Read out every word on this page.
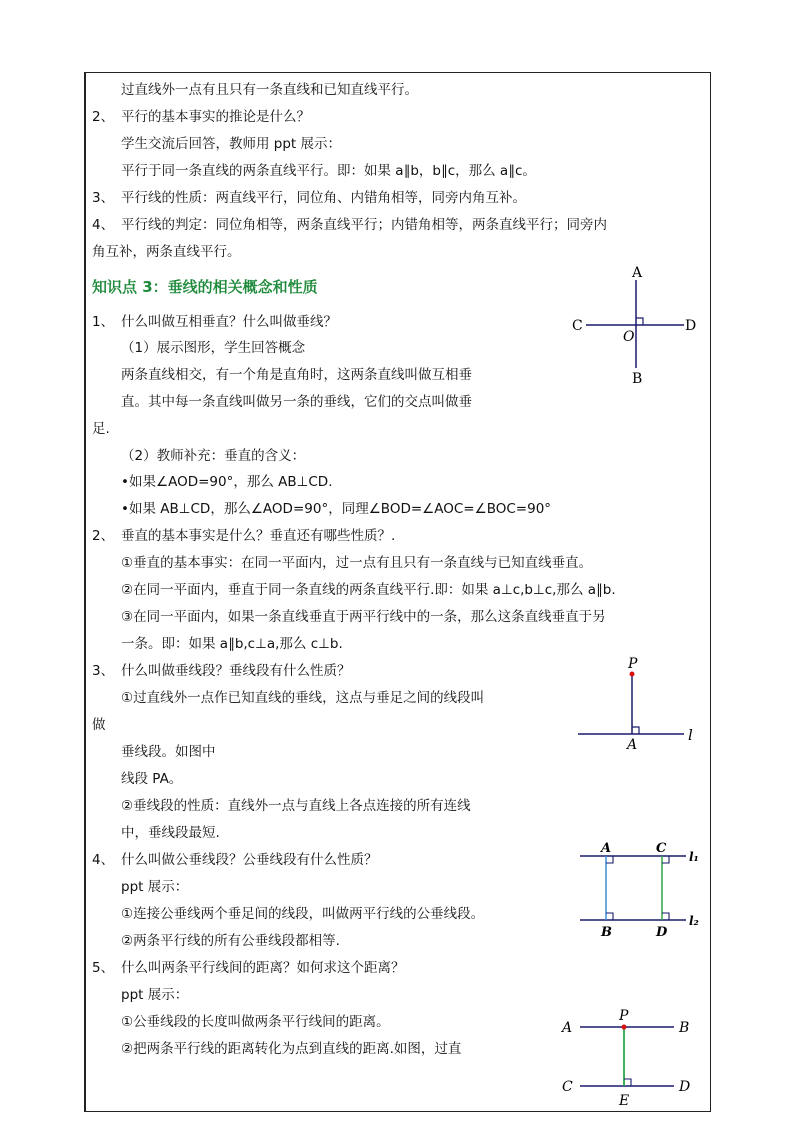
过直线外一点有且只有一条直线和已知直线平行。
2、 平行的基本事实的推论是什么？
学生交流后回答，教师用 ppt 展示：
平行于同一条直线的两条直线平行。即：如果 a∥b，b∥c，那么 a∥c。
3、 平行线的性质：两直线平行，同位角、内错角相等，同旁内角互补。
4、 平行线的判定：同位角相等，两条直线平行；内错角相等，两条直线平行；同旁内
角互补，两条直线平行。
知识点 3：垂线的相关概念和性质
1、 什么叫做互相垂直？什么叫做垂线？
（1）展示图形，学生回答概念
两条直线相交，有一个角是直角时，这两条直线叫做互相垂
直。其中每一条直线叫做另一条的垂线，它们的交点叫做垂
足.
（2）教师补充：垂直的含义：
•如果∠AOD=90°，那么 AB⊥CD.
•如果 AB⊥CD，那么∠AOD=90°，同理∠BOD=∠AOC=∠BOC=90°
2、 垂直的基本事实是什么？垂直还有哪些性质？.
①垂直的基本事实：在同一平面内，过一点有且只有一条直线与已知直线垂直。
②在同一平面内，垂直于同一条直线的两条直线平行.即：如果 a⊥c,b⊥c,那么 a∥b.
③在同一平面内，如果一条直线垂直于两平行线中的一条，那么这条直线垂直于另
一条。即：如果 a∥b,c⊥a,那么 c⊥b.
3、 什么叫做垂线段？垂线段有什么性质？
①过直线外一点作已知直线的垂线，这点与垂足之间的线段叫
做
垂线段。如图中
线段 PA。
②垂线段的性质：直线外一点与直线上各点连接的所有连线
中，垂线段最短.
4、 什么叫做公垂线段？公垂线段有什么性质？
ppt 展示：
①连接公垂线两个垂足间的线段，叫做两平行线的公垂线段。
②两条平行线的所有公垂线段都相等.
5、 什么叫两条平行线间的距离？如何求这个距离？
ppt 展示：
①公垂线段的长度叫做两条平行线间的距离。
②把两条平行线的距离转化为点到直线的距离.如图，过直
A
B
C	D
O
P
A
l
A	C
B	D
l₁
l₂
A	B
C	D
P
E
